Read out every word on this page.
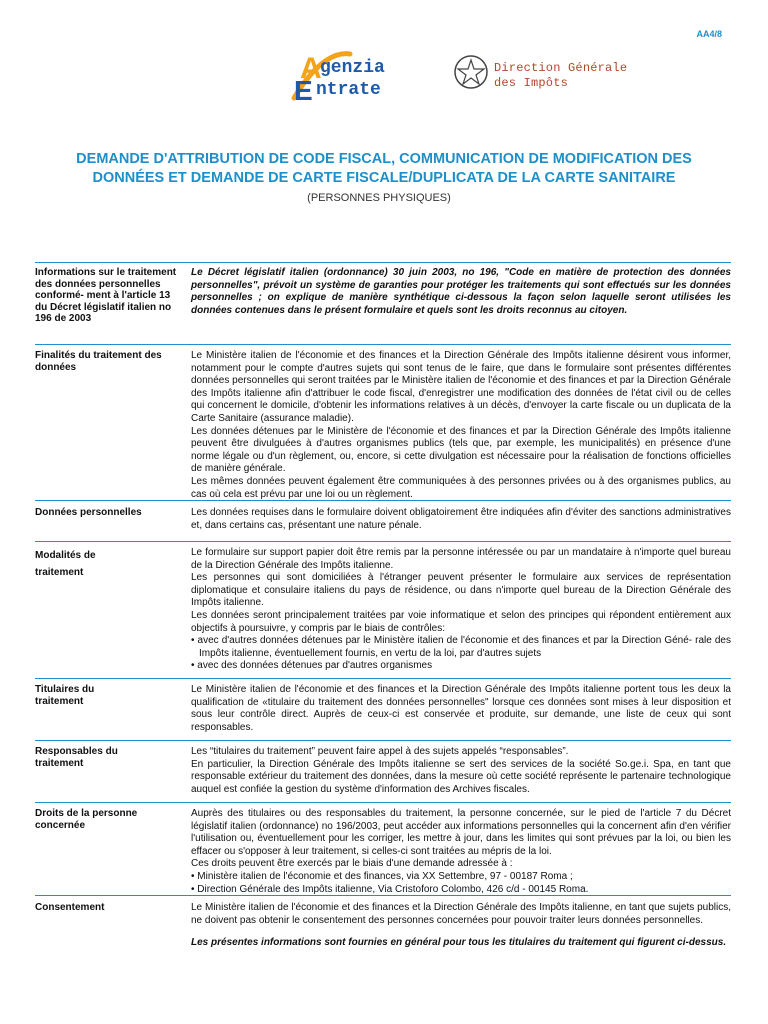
AA4/8
A
E
genzia
ntrate
Direction Générale
des Impôts
DEMANDE D'ATTRIBUTION DE CODE FISCAL, COMMUNICATION DE MODIFICATION DES
DONNÉES ET DEMANDE DE CARTE FISCALE/DUPLICATA DE LA CARTE SANITAIRE
(PERSONNES PHYSIQUES)
Informations sur le traitement des données personnelles conformé- ment à l'article 13 du Décret législatif italien no 196 de 2003

Le Décret législatif italien (ordonnance) 30 juin 2003, no 196, "Code en matière de protection des données personnelles", prévoit un système de garanties pour protéger les traitements qui sont effectués sur les données personnelles ; on explique de manière synthétique ci-dessous la façon selon laquelle seront utilisées les données contenues dans le présent formulaire et quels sont les droits reconnus au citoyen.

Finalités du traitement des données

Le Ministère italien de l'économie et des finances et la Direction Générale des Impôts italienne désirent vous informer, notamment pour le compte d'autres sujets qui sont tenus de le faire, que dans le formulaire sont présentes différentes données personnelles qui seront traitées par le Ministère italien de l'économie et des finances et par la Direction Générale des Impôts italienne afin d'attribuer le code fiscal, d'enregistrer une modification des données de l'état civil ou de celles qui concernent le domicile, d'obtenir les informations relatives à un décès, d'envoyer la carte fiscale ou un duplicata de la Carte Sanitaire (assurance maladie).

Les données détenues par le Ministère de l'économie et des finances et par la Direction Générale des Impôts italienne peuvent être divulguées à d'autres organismes publics (tels que, par exemple, les municipalités) en présence d'une norme légale ou d'un règlement, ou, encore, si cette divulgation est nécessaire pour la réalisation de fonctions officielles de manière générale.

Les mêmes données peuvent également être communiquées à des personnes privées ou à des organismes publics, au cas où cela est prévu par une loi ou un règlement.

Données personnelles	Les données requises dans le formulaire doivent obligatoirement être indiquées afin d'éviter des sanctions administratives et, dans certains cas, présentant une nature pénale.

Modalités de traitement

Le formulaire sur support papier doit être remis par la personne intéressée ou par un mandataire à n'importe quel bureau de la Direction Générale des Impôts italienne.

Les personnes qui sont domiciliées à l'étranger peuvent présenter le formulaire aux services de représentation diplomatique et consulaire italiens du pays de résidence, ou dans n'importe quel bureau de la Direction Générale des Impôts italienne.

Les données seront principalement traitées par voie informatique et selon des principes qui répondent entièrement aux objectifs à poursuivre, y compris par le biais de contrôles:

• avec d'autres données détenues par le Ministère italien de l'économie et des finances et par la Direction Géné- rale des Impôts italienne, éventuellement fournis, en vertu de la loi, par d'autres sujets

• avec des données détenues par d'autres organismes

Titulaires du traitement

Le Ministère italien de l'économie et des finances et la Direction Générale des Impôts italienne portent tous les deux la qualification de «titulaire du traitement des données personnelles" lorsque ces données sont mises à leur disposition et sous leur contrôle direct. Auprès de ceux-ci est conservée et produite, sur demande, une liste de ceux qui sont responsables.

Responsables du traitement

Les “titulaires du traitement” peuvent faire appel à des sujets appelés “responsables”.

En particulier, la Direction Générale des Impôts italienne se sert des services de la société So.ge.i. Spa, en tant que responsable extérieur du traitement des données, dans la mesure où cette société représente le partenaire technologique auquel est confiée la gestion du système d'information des Archives fiscales.

Droits de la personne concernée

Auprès des titulaires ou des responsables du traitement, la personne concernée, sur le pied de l'article 7 du Décret législatif italien (ordonnance) no 196/2003, peut accéder aux informations personnelles qui la concernent afin d'en vérifier l'utilisation ou, éventuellement pour les corriger, les mettre à jour, dans les limites qui sont prévues par la loi, ou bien les effacer ou s'opposer à leur traitement, si celles-ci sont traitées au mépris de la loi.

Ces droits peuvent être exercés par le biais d'une demande adressée à :

• Ministère italien de l'économie et des finances, via XX Settembre, 97 - 00187 Roma ;

• Direction Générale des Impôts italienne, Via Cristoforo Colombo, 426 c/d - 00145 Roma.

Consentement	Le Ministère italien de l'économie et des finances et la Direction Générale des Impôts italienne, en tant que sujets publics, ne doivent pas obtenir le consentement des personnes concernées pour pouvoir traiter leurs données personnelles.

Les présentes informations sont fournies en général pour tous les titulaires du traitement qui figurent ci-dessus.
